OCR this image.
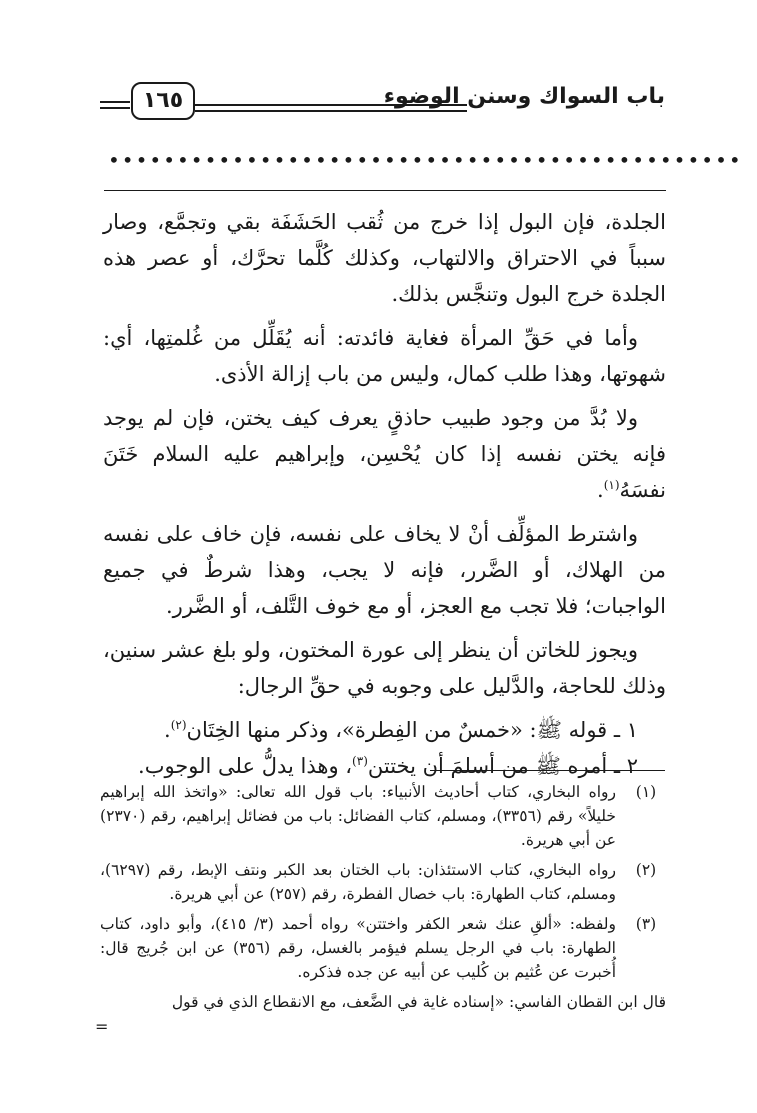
باب السواك وسنن الوضوء
١٦٥
••••••••••••••••••••••••••••••••••••••••••••••

الجلدة، فإن البول إذا خرج من ثُقب الحَشَفَة بقي وتجمَّع، وصار سبباً في الاحتراق والالتهاب، وكذلك كُلَّما تحرَّك، أو عصر هذه الجلدة خرج البول وتنجَّس بذلك.

وأما في حَقِّ المرأة فغاية فائدته: أنه يُقَلِّل من غُلمتِها، أي: شهوتها، وهذا طلب كمال، وليس من باب إزالة الأذى.

ولا بُدَّ من وجود طبيب حاذقٍ يعرف كيف يختن، فإن لم يوجد فإنه يختن نفسه إذا كان يُحْسِن، وإبراهيم عليه السلام خَتَنَ نفسَهُ$^{(١)}$.

واشترط المؤلِّف أنْ لا يخاف على نفسه، فإن خاف على نفسه من الهلاك، أو الضَّرر، فإنه لا يجب، وهذا شرطٌ في جميع الواجبات؛ فلا تجب مع العجز، أو مع خوف التَّلف، أو الضَّرر.

ويجوز للخاتن أن ينظر إلى عورة المختون، ولو بلغ عشر سنين، وذلك للحاجة، والدَّليل على وجوبه في حقِّ الرجال:

١ ـ قوله ﷺ: «خمسٌ من الفِطرة»، وذكر منها الخِتَان$^{(٢)}$.

٢ ـ أمره ﷺ من أسلمَ أن يختتن$^{(٣)}$، وهذا يدلُّ على الوجوب.

(١)
رواه البخاري، كتاب أحاديث الأنبياء: باب قول الله تعالى: «واتخذ الله إبراهيم خليلاً» رقم (٣٣٥٦)، ومسلم، كتاب الفضائل: باب من فضائل إبراهيم، رقم (٢٣٧٠) عن أبي هريرة.
(٢)
رواه البخاري، كتاب الاستئذان: باب الختان بعد الكبر ونتف الإبط، رقم (٦٢٩٧)، ومسلم، كتاب الطهارة: باب خصال الفطرة، رقم (٢٥٧) عن أبي هريرة.
(٣)
ولفظه: «ألقِ عنك شعر الكفر واختتن» رواه أحمد (٣/ ٤١٥)، وأبو داود، كتاب الطهارة: باب في الرجل يسلم فيؤمر بالغسل، رقم (٣٥٦) عن ابن جُريج قال: أُخبرت عن عُثيم بن كُليب عن أبيه عن جده فذكره.
قال ابن القطان الفاسي: «إسناده غاية في الضَّعف، مع الانقطاع الذي في قول
=
